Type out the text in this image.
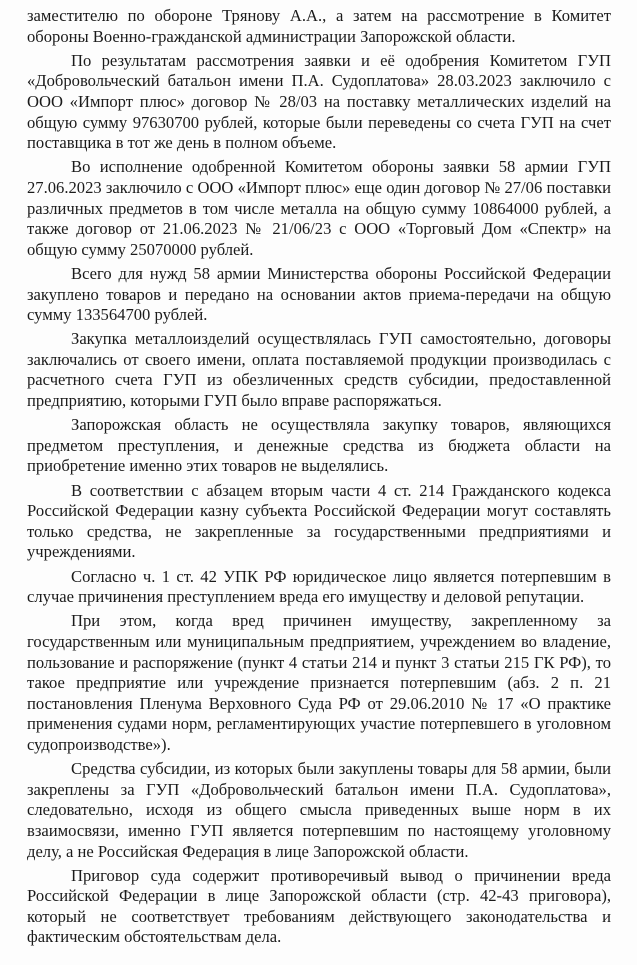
заместителю по обороне Трянову А.А., а затем на рассмотрение в Комитет обороны Военно-гражданской администрации Запорожской области.

По результатам рассмотрения заявки и её одобрения Комитетом ГУП «Добровольческий батальон имени П.А. Судоплатова» 28.03.2023 заключило с ООО «Импорт плюс» договор № 28/03 на поставку металлических изделий на общую сумму 97630700 рублей, которые были переведены со счета ГУП на счет поставщика в тот же день в полном объеме.

Во исполнение одобренной Комитетом обороны заявки 58 армии ГУП 27.06.2023 заключило с ООО «Импорт плюс» еще один договор № 27/06 поставки различных предметов в том числе металла на общую сумму 10864000 рублей, а также договор от 21.06.2023 № 21/06/23 с ООО «Торговый Дом «Спектр» на общую сумму 25070000 рублей.

Всего для нужд 58 армии Министерства обороны Российской Федерации закуплено товаров и передано на основании актов приема-передачи на общую сумму 133564700 рублей.

Закупка металлоизделий осуществлялась ГУП самостоятельно, договоры заключались от своего имени, оплата поставляемой продукции производилась с расчетного счета ГУП из обезличенных средств субсидии, предоставленной предприятию, которыми ГУП было вправе распоряжаться.

Запорожская область не осуществляла закупку товаров, являющихся предметом преступления, и денежные средства из бюджета области на приобретение именно этих товаров не выделялись.

В соответствии с абзацем вторым части 4 ст. 214 Гражданского кодекса Российской Федерации казну субъекта Российской Федерации могут составлять только средства, не закрепленные за государственными предприятиями и учреждениями.

Согласно ч. 1 ст. 42 УПК РФ юридическое лицо является потерпевшим в случае причинения преступлением вреда его имуществу и деловой репутации.

При этом, когда вред причинен имуществу, закрепленному за государственным или муниципальным предприятием, учреждением во владение, пользование и распоряжение (пункт 4 статьи 214 и пункт 3 статьи 215 ГК РФ), то такое предприятие или учреждение признается потерпевшим (абз. 2 п. 21 постановления Пленума Верховного Суда РФ от 29.06.2010 № 17 «О практике применения судами норм, регламентирующих участие потерпевшего в уголовном судопроизводстве»).

Средства субсидии, из которых были закуплены товары для 58 армии, были закреплены за ГУП «Добровольческий батальон имени П.А. Судоплатова», следовательно, исходя из общего смысла приведенных выше норм в их взаимосвязи, именно ГУП является потерпевшим по настоящему уголовному делу, а не Российская Федерация в лице Запорожской области.

Приговор суда содержит противоречивый вывод о причинении вреда Российской Федерации в лице Запорожской области (стр. 42-43 приговора), который не соответствует требованиям действующего законодательства и фактическим обстоятельствам дела.
